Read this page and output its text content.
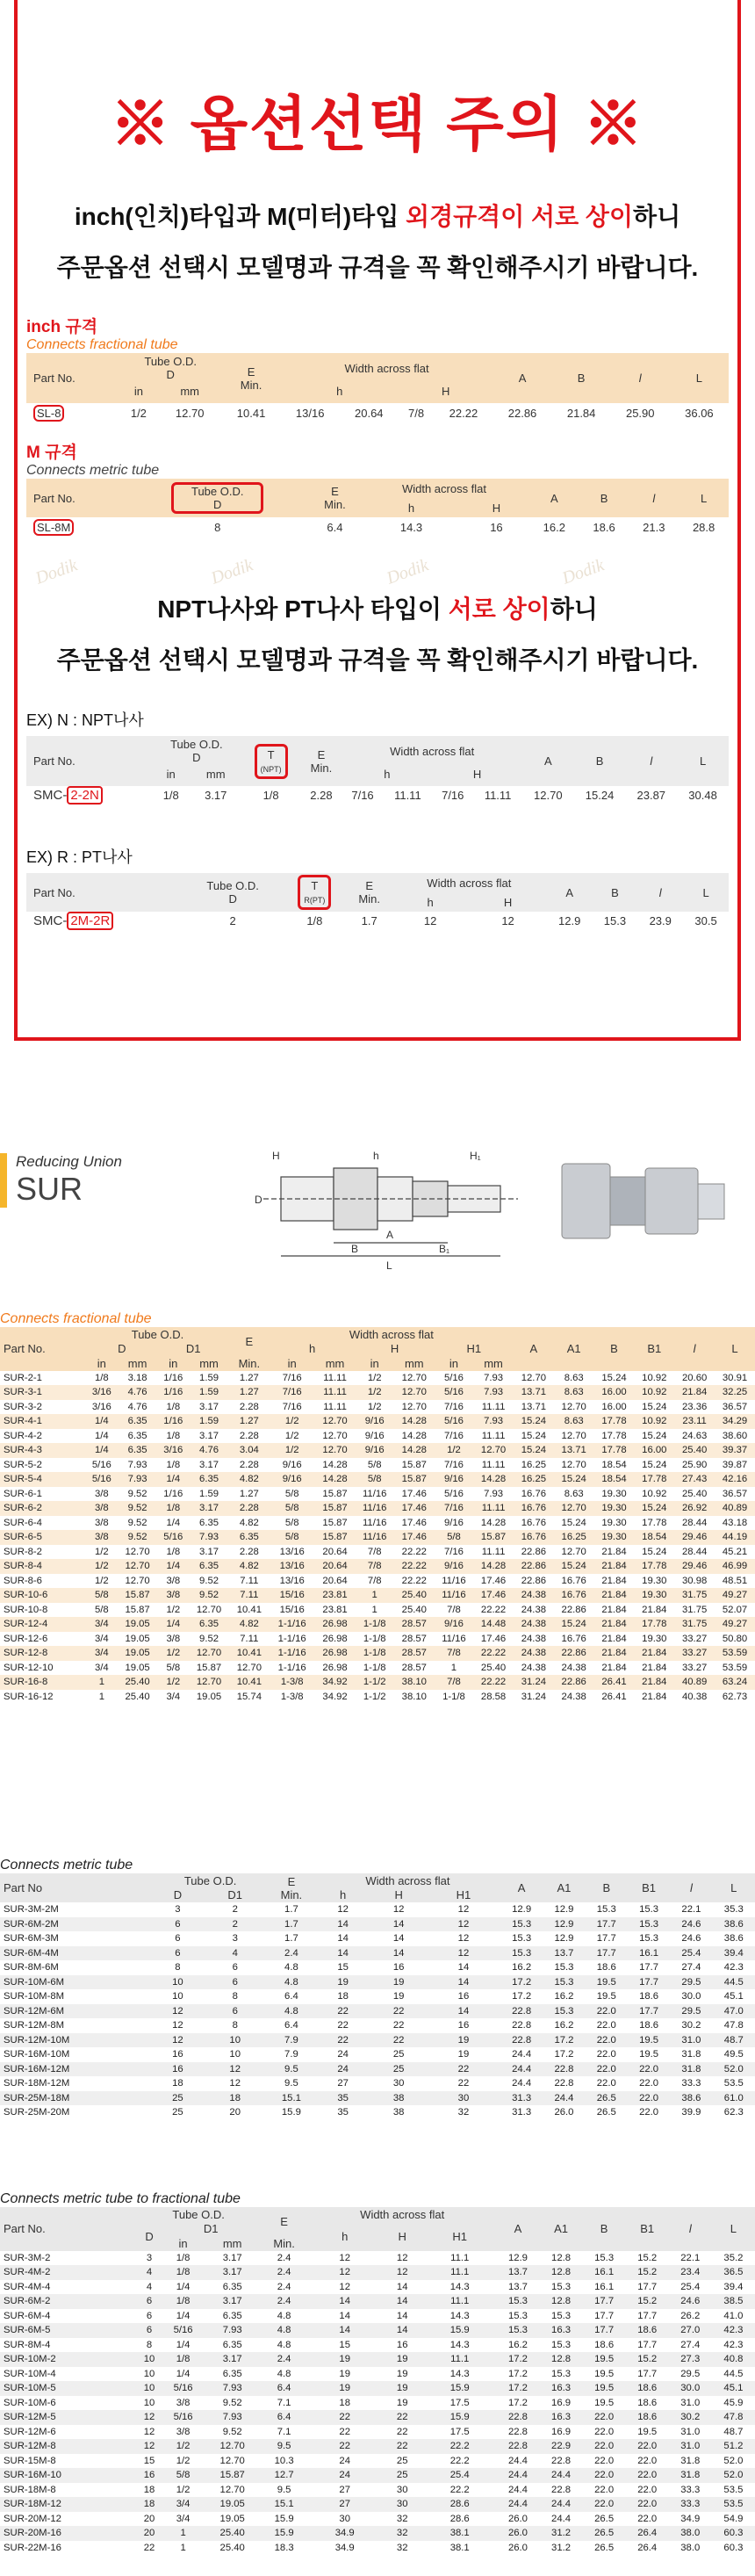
※ 옵션선택 주의 ※
inch(인치)타입과 M(미터)타입 외경규격이 서로 상이하니
주문옵션 선택시 모델명과 규격을 꼭 확인해주시기 바랍니다.
inch 규격
Connects fractional tube
Part No.	Tube O.D.
D		E
Min.	Width across flat				A	B	l	L
	in	mm		h		H					

SL-8	1/2	12.70	10.41	13/16	20.64	7/8	22.22	22.86	21.84	25.90	36.06
M 규격
Connects metric tube
Part No.	Tube O.D.
D	E
Min.	Width across flat		A	B	l	L
			h	H				
SL-8M	8	6.4	14.3	16	16.2	18.6	21.3	28.8
NPT나사와 PT나사 타입이 서로 상이하니
주문옵션 선택시 모델명과 규격을 꼭 확인해주시기 바랍니다.
EX) N : NPT나사
Part No.	Tube O.D.
D		T
(NPT)	E
Min.	Width across flat				A	B	l	L
	in	mm			h		H					

SMC- 2-2N	1/8	3.17	1/8	2.28	7/16	11.11	7/16	11.11	12.70	15.24	23.87	30.48
EX) R : PT나사
Part No.	Tube O.D.
D	T
R(PT)	E
Min.	Width across flat		A	B	l	L
				h	H				
SMC- 2M-2R	2	1/8	1.7	12	12	12.9	15.3	23.9	30.5
Reducing Union
SUR
H	h	H₁
A
B₁
B
L
D
Dodik	Dodik	Dodik	Dodik
Connects fractional tube
Part No.	Tube O.D.				E	Width across flat						A	A1	B	B1	l	L
	D		D1			h		H		H1							
	in	mm	in	mm	Min.	in	mm	in	mm	in	mm						
SUR-2-1	1/8	3.18	1/16	1.59	1.27	7/16	11.11	1/2	12.70	5/16	7.93	12.70	8.63	15.24	10.92	20.60	30.91
SUR-3-1	3/16	4.76	1/16	1.59	1.27	7/16	11.11	1/2	12.70	5/16	7.93	13.71	8.63	16.00	10.92	21.84	32.25
SUR-3-2	3/16	4.76	1/8	3.17	2.28	7/16	11.11	1/2	12.70	7/16	11.11	13.71	12.70	16.00	15.24	23.36	36.57
SUR-4-1	1/4	6.35	1/16	1.59	1.27	1/2	12.70	9/16	14.28	5/16	7.93	15.24	8.63	17.78	10.92	23.11	34.29
SUR-4-2	1/4	6.35	1/8	3.17	2.28	1/2	12.70	9/16	14.28	7/16	11.11	15.24	12.70	17.78	15.24	24.63	38.60
SUR-4-3	1/4	6.35	3/16	4.76	3.04	1/2	12.70	9/16	14.28	1/2	12.70	15.24	13.71	17.78	16.00	25.40	39.37
SUR-5-2	5/16	7.93	1/8	3.17	2.28	9/16	14.28	5/8	15.87	7/16	11.11	16.25	12.70	18.54	15.24	25.90	39.87
SUR-5-4	5/16	7.93	1/4	6.35	4.82	9/16	14.28	5/8	15.87	9/16	14.28	16.25	15.24	18.54	17.78	27.43	42.16
SUR-6-1	3/8	9.52	1/16	1.59	1.27	5/8	15.87	11/16	17.46	5/16	7.93	16.76	8.63	19.30	10.92	25.40	36.57
SUR-6-2	3/8	9.52	1/8	3.17	2.28	5/8	15.87	11/16	17.46	7/16	11.11	16.76	12.70	19.30	15.24	26.92	40.89
SUR-6-4	3/8	9.52	1/4	6.35	4.82	5/8	15.87	11/16	17.46	9/16	14.28	16.76	15.24	19.30	17.78	28.44	43.18
SUR-6-5	3/8	9.52	5/16	7.93	6.35	5/8	15.87	11/16	17.46	5/8	15.87	16.76	16.25	19.30	18.54	29.46	44.19
SUR-8-2	1/2	12.70	1/8	3.17	2.28	13/16	20.64	7/8	22.22	7/16	11.11	22.86	12.70	21.84	15.24	28.44	45.21
SUR-8-4	1/2	12.70	1/4	6.35	4.82	13/16	20.64	7/8	22.22	9/16	14.28	22.86	15.24	21.84	17.78	29.46	46.99
SUR-8-6	1/2	12.70	3/8	9.52	7.11	13/16	20.64	7/8	22.22	11/16	17.46	22.86	16.76	21.84	19.30	30.98	48.51
SUR-10-6	5/8	15.87	3/8	9.52	7.11	15/16	23.81	1	25.40	11/16	17.46	24.38	16.76	21.84	19.30	31.75	49.27
SUR-10-8	5/8	15.87	1/2	12.70	10.41	15/16	23.81	1	25.40	7/8	22.22	24.38	22.86	21.84	21.84	31.75	52.07
SUR-12-4	3/4	19.05	1/4	6.35	4.82	1-1/16	26.98	1-1/8	28.57	9/16	14.48	24.38	15.24	21.84	17.78	31.75	49.27
SUR-12-6	3/4	19.05	3/8	9.52	7.11	1-1/16	26.98	1-1/8	28.57	11/16	17.46	24.38	16.76	21.84	19.30	33.27	50.80
SUR-12-8	3/4	19.05	1/2	12.70	10.41	1-1/16	26.98	1-1/8	28.57	7/8	22.22	24.38	22.86	21.84	21.84	33.27	53.59
SUR-12-10	3/4	19.05	5/8	15.87	12.70	1-1/16	26.98	1-1/8	28.57	1	25.40	24.38	24.38	21.84	21.84	33.27	53.59
SUR-16-8	1	25.40	1/2	12.70	10.41	1-3/8	34.92	1-1/2	38.10	7/8	22.22	31.24	22.86	26.41	21.84	40.89	63.24
SUR-16-12	1	25.40	3/4	19.05	15.74	1-3/8	34.92	1-1/2	38.10	1-1/8	28.58	31.24	24.38	26.41	21.84	40.38	62.73
Connects metric tube
Part No	Tube O.D.		E
Min.	Width across flat			A	A1	B	B1	l	L
	D	D1		h	H	H1						
SUR-3M-2M	3	2	1.7	12	12	12	12.9	12.9	15.3	15.3	22.1	35.3
SUR-6M-2M	6	2	1.7	14	14	12	15.3	12.9	17.7	15.3	24.6	38.6
SUR-6M-3M	6	3	1.7	14	14	12	15.3	12.9	17.7	15.3	24.6	38.6
SUR-6M-4M	6	4	2.4	14	14	12	15.3	13.7	17.7	16.1	25.4	39.4
SUR-8M-6M	8	6	4.8	15	16	14	16.2	15.3	18.6	17.7	27.4	42.3
SUR-10M-6M	10	6	4.8	19	19	14	17.2	15.3	19.5	17.7	29.5	44.5
SUR-10M-8M	10	8	6.4	18	19	16	17.2	16.2	19.5	18.6	30.0	45.1
SUR-12M-6M	12	6	4.8	22	22	14	22.8	15.3	22.0	17.7	29.5	47.0
SUR-12M-8M	12	8	6.4	22	22	16	22.8	16.2	22.0	18.6	30.2	47.8
SUR-12M-10M	12	10	7.9	22	22	19	22.8	17.2	22.0	19.5	31.0	48.7
SUR-16M-10M	16	10	7.9	24	25	19	24.4	17.2	22.0	19.5	31.8	49.5
SUR-16M-12M	16	12	9.5	24	25	22	24.4	22.8	22.0	22.0	31.8	52.0
SUR-18M-12M	18	12	9.5	27	30	22	24.4	22.8	22.0	22.0	33.3	53.5
SUR-25M-18M	25	18	15.1	35	38	30	31.3	24.4	26.5	22.0	38.6	61.0
SUR-25M-20M	25	20	15.9	35	38	32	31.3	26.0	26.5	22.0	39.9	62.3
Connects metric tube to fractional tube
Part No.	Tube O.D.			E	Width across flat			A	A1	B	B1	l	L
	D	D1			h	H	H1						
		in	mm	Min.									
SUR-3M-2	3	1/8	3.17	2.4	12	12	11.1	12.9	12.8	15.3	15.2	22.1	35.2
SUR-4M-2	4	1/8	3.17	2.4	12	12	11.1	13.7	12.8	16.1	15.2	23.4	36.5
SUR-4M-4	4	1/4	6.35	2.4	12	14	14.3	13.7	15.3	16.1	17.7	25.4	39.4
SUR-6M-2	6	1/8	3.17	2.4	14	14	11.1	15.3	12.8	17.7	15.2	24.6	38.5
SUR-6M-4	6	1/4	6.35	4.8	14	14	14.3	15.3	15.3	17.7	17.7	26.2	41.0
SUR-6M-5	6	5/16	7.93	4.8	14	14	15.9	15.3	16.3	17.7	18.6	27.0	42.3
SUR-8M-4	8	1/4	6.35	4.8	15	16	14.3	16.2	15.3	18.6	17.7	27.4	42.3
SUR-10M-2	10	1/8	3.17	2.4	19	19	11.1	17.2	12.8	19.5	15.2	27.3	40.8
SUR-10M-4	10	1/4	6.35	4.8	19	19	14.3	17.2	15.3	19.5	17.7	29.5	44.5
SUR-10M-5	10	5/16	7.93	6.4	19	19	15.9	17.2	16.3	19.5	18.6	30.0	45.1
SUR-10M-6	10	3/8	9.52	7.1	18	19	17.5	17.2	16.9	19.5	18.6	31.0	45.9
SUR-12M-5	12	5/16	7.93	6.4	22	22	15.9	22.8	16.3	22.0	18.6	30.2	47.8
SUR-12M-6	12	3/8	9.52	7.1	22	22	17.5	22.8	16.9	22.0	19.5	31.0	48.7
SUR-12M-8	12	1/2	12.70	9.5	22	22	22.2	22.8	22.9	22.0	22.0	31.0	51.2
SUR-15M-8	15	1/2	12.70	10.3	24	25	22.2	24.4	22.8	22.0	22.0	31.8	52.0
SUR-16M-10	16	5/8	15.87	12.7	24	25	25.4	24.4	24.4	22.0	22.0	31.8	52.0
SUR-18M-8	18	1/2	12.70	9.5	27	30	22.2	24.4	22.8	22.0	22.0	33.3	53.5
SUR-18M-12	18	3/4	19.05	15.1	27	30	28.6	24.4	24.4	22.0	22.0	33.3	53.5
SUR-20M-12	20	3/4	19.05	15.9	30	32	28.6	26.0	24.4	26.5	22.0	34.9	54.9
SUR-20M-16	20	1	25.40	15.9	34.9	32	38.1	26.0	31.2	26.5	26.4	38.0	60.3
SUR-22M-16	22	1	25.40	18.3	34.9	32	38.1	26.0	31.2	26.5	26.4	38.0	60.3
